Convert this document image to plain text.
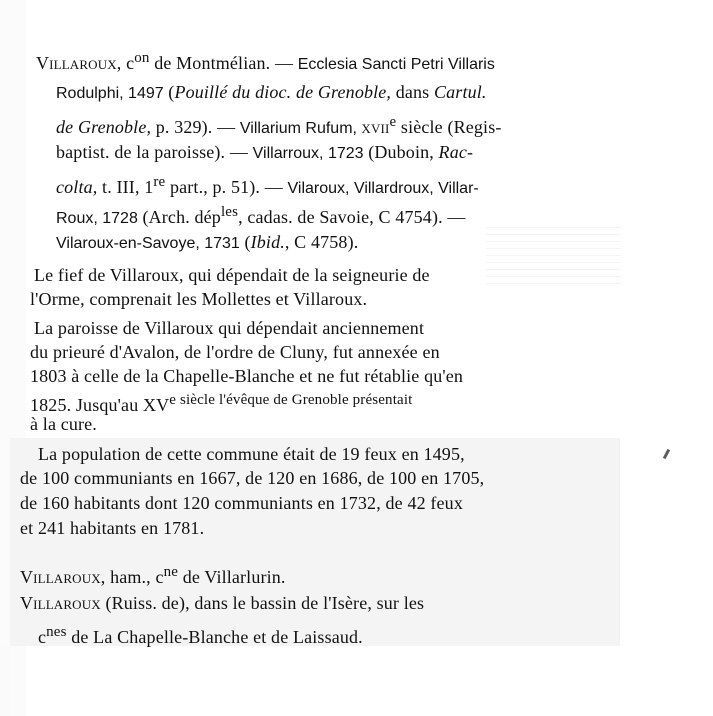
Villaroux, $c^{on}$ de Montmélian. — Ecclesia Sancti Petri Villaris
Rodulphi, 1497 (Pouillé du dioc. de Grenoble, dans Cartul.
de Grenoble, p. 329). — Villarium Rufum, xvii$^e$ siècle (Regis-
baptist. de la paroisse). — Villarroux, 1723 (Duboin, Rac-
colta, t. III, 1re part., p. 51). — Vilaroux, Villardroux, Villar-
Roux, 1728 (Arch. dép$^{les}$, cadas. de Savoie, C 4754). —
Vilaroux-en-Savoye, 1731 (Ibid., C 4758).
Le fief de Villaroux, qui dépendait de la seigneurie de
l'Orme, comprenait les Mollettes et Villaroux.
La paroisse de Villaroux qui dépendait anciennement
du prieuré d'Avalon, de l'ordre de Cluny, fut annexée en
1803 à celle de la Chapelle-Blanche et ne fut rétablie qu'en
1825. Jusqu'au $XV^{e siècle l'évêque de Grenoble présentait}$
à la cure.
La population de cette commune était de 19 feux en 1495,
de 100 communiants en 1667, de 120 en 1686, de 100 en 1705,
de 160 habitants dont 120 communiants en 1732, de 42 feux
et 241 habitants en 1781.
Villaroux, ham., $c^{ne}$ de Villarlurin.
Villaroux (Ruiss. de), dans le bassin de l'Isère, sur les
$c^{nes}$ de La Chapelle-Blanche et de Laissaud.
